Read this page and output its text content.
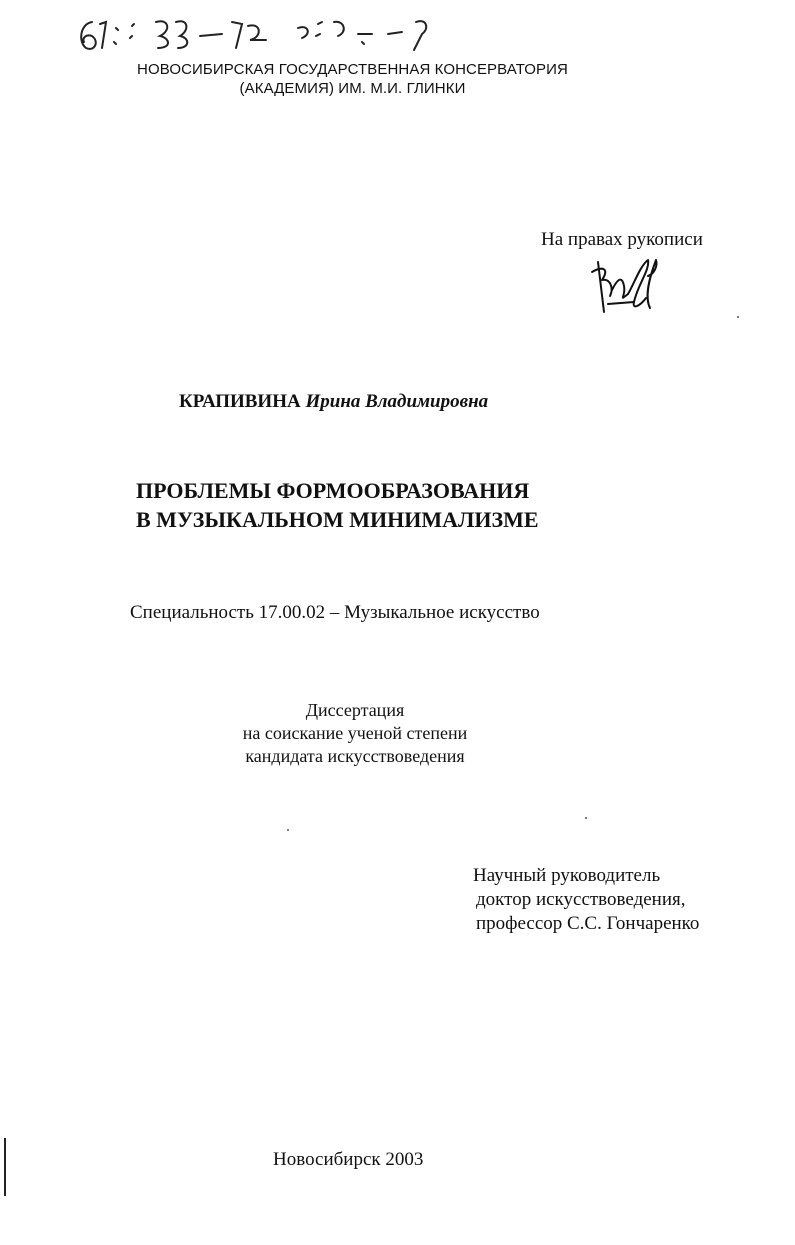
НОВОСИБИРСКАЯ ГОСУДАРСТВЕННАЯ КОНСЕРВАТОРИЯ
(АКАДЕМИЯ) ИМ. М.И. ГЛИНКИ
На правах рукописи
КРАПИВИНА Ирина Владимировна
ПРОБЛЕМЫ ФОРМООБРАЗОВАНИЯ
В МУЗЫКАЛЬНОМ МИНИМАЛИЗМЕ
Специальность 17.00.02 – Музыкальное искусство
Диссертация
на соискание ученой степени
кандидата искусствоведения
Научный руководитель
доктор искусствоведения,
профессор С.С. Гончаренко
Новосибирск 2003
